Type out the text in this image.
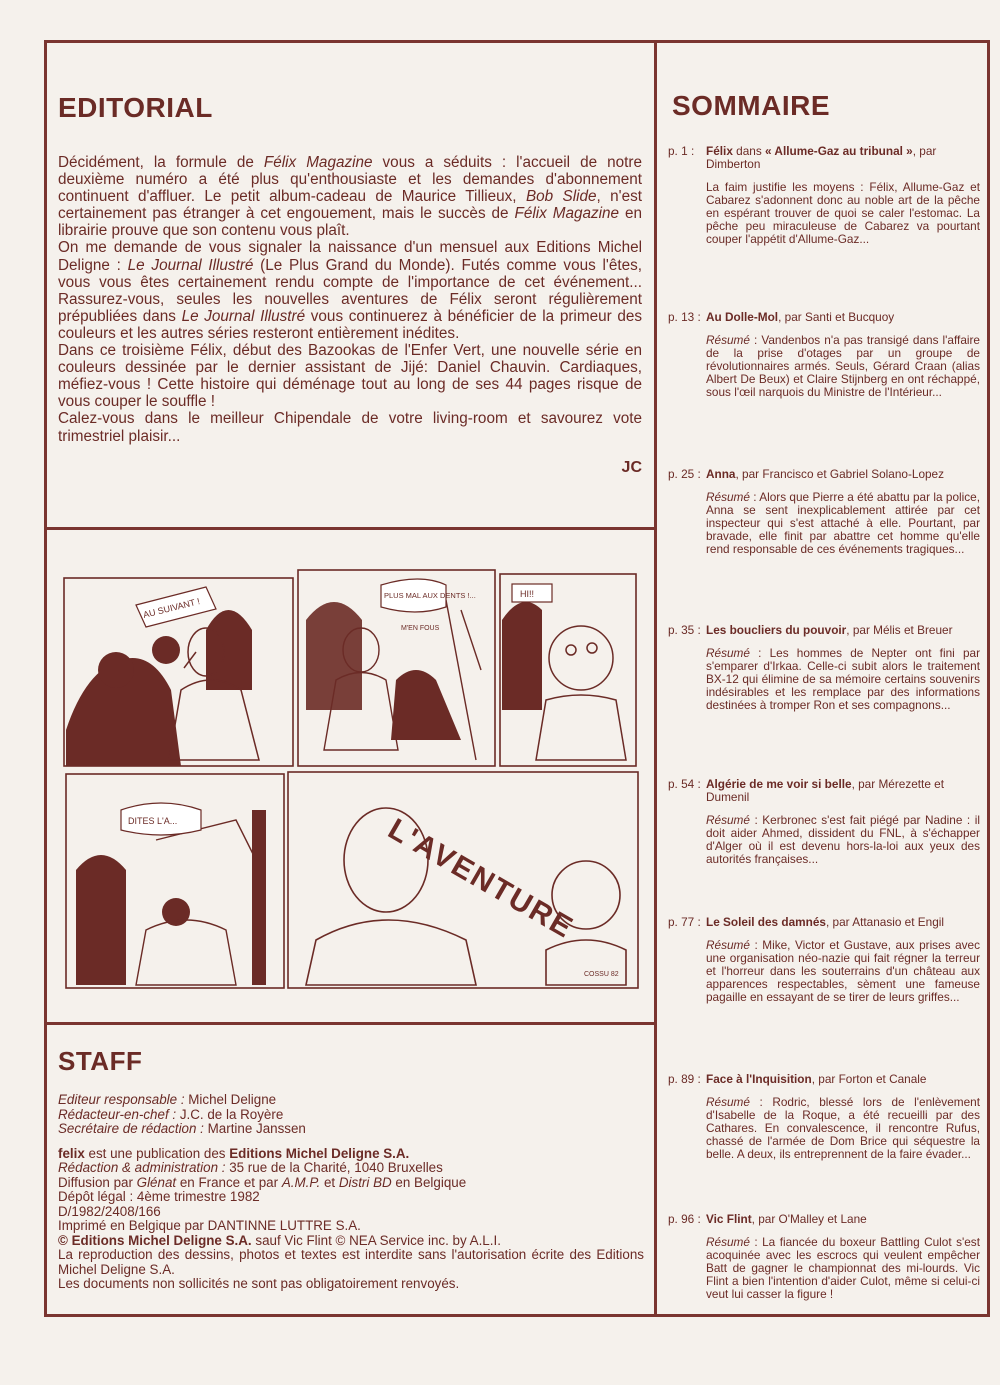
EDITORIAL
Décidément, la formule de Félix Magazine vous a séduits : l'accueil de notre deuxième numéro a été plus qu'enthousiaste et les demandes d'abonnement continuent d'affluer. Le petit album-cadeau de Maurice Tillieux, Bob Slide, n'est certainement pas étranger à cet engouement, mais le succès de Félix Magazine en librairie prouve que son contenu vous plaît.
On me demande de vous signaler la naissance d'un mensuel aux Editions Michel Deligne : Le Journal Illustré (Le Plus Grand du Monde). Futés comme vous l'êtes, vous vous êtes certainement rendu compte de l'importance de cet événement... Rassurez-vous, seules les nouvelles aventures de Félix seront régulièrement prépubliées dans Le Journal Illustré vous continuerez à bénéficier de la primeur des couleurs et les autres séries resteront entièrement inédites.
Dans ce troisième Félix, début des Bazookas de l'Enfer Vert, une nouvelle série en couleurs dessinée par le dernier assistant de Jijé: Daniel Chauvin. Cardiaques, méfiez-vous ! Cette histoire qui déménage tout au long de ses 44 pages risque de vous couper le souffle !
Calez-vous dans le meilleur Chipendale de votre living-room et savourez vote trimestriel plaisir...
JC
AU SUIVANT !
PLUS MAL AUX DENTS !...
M'EN FOUS
HI!!
DITES L'A...	L'AVENTURE
COSSU 82
STAFF
Editeur responsable : Michel Deligne
Rédacteur-en-chef : J.C. de la Royère
Secrétaire de rédaction : Martine Janssen
felix est une publication des Editions Michel Deligne S.A.
Rédaction & administration : 35 rue de la Charité, 1040 Bruxelles
Diffusion par Glénat en France et par A.M.P. et Distri BD en Belgique
Dépôt légal : 4ème trimestre 1982
D/1982/2408/166
Imprimé en Belgique par DANTINNE LUTTRE S.A.
© Editions Michel Deligne S.A. sauf Vic Flint © NEA Service inc. by A.L.I.
La reproduction des dessins, photos et textes est interdite sans l'autorisation écrite des Editions Michel Deligne S.A.
Les documents non sollicités ne sont pas obligatoirement renvoyés.
SOMMAIRE
p. 1 : Félix dans « Allume-Gaz au tribunal », par Dimberton
La faim justifie les moyens : Félix, Allume-Gaz et Cabarez s'adonnent donc au noble art de la pêche en espérant trouver de quoi se caler l'estomac. La pêche peu miraculeuse de Cabarez va pourtant couper l'appétit d'Allume-Gaz...
p. 13 : Au Dolle-Mol, par Santi et Bucquoy
Résumé : Vandenbos n'a pas transigé dans l'affaire de la prise d'otages par un groupe de révolutionnaires armés. Seuls, Gérard Craan (alias Albert De Beux) et Claire Stijnberg en ont réchappé, sous l'œil narquois du Ministre de l'Intérieur...
p. 25 : Anna, par Francisco et Gabriel Solano-Lopez
Résumé : Alors que Pierre a été abattu par la police, Anna se sent inexplicablement attirée par cet inspecteur qui s'est attaché à elle. Pourtant, par bravade, elle finit par abattre cet homme qu'elle rend responsable de ces événements tragiques...
p. 35 : Les boucliers du pouvoir, par Mélis et Breuer
Résumé : Les hommes de Nepter ont fini par s'emparer d'Irkaa. Celle-ci subit alors le traitement BX-12 qui élimine de sa mémoire certains souvenirs indésirables et les remplace par des informations destinées à tromper Ron et ses compagnons...
p. 54 : Algérie de me voir si belle, par Mérezette et Dumenil
Résumé : Kerbronec s'est fait piégé par Nadine : il doit aider Ahmed, dissident du FNL, à s'échapper d'Alger où il est devenu hors-la-loi aux yeux des autorités françaises...
p. 77 : Le Soleil des damnés, par Attanasio et Engil
Résumé : Mike, Victor et Gustave, aux prises avec une organisation néo-nazie qui fait régner la terreur et l'horreur dans les souterrains d'un château aux apparences respectables, sèment une fameuse pagaille en essayant de se tirer de leurs griffes...
p. 89 : Face à l'Inquisition, par Forton et Canale
Résumé : Rodric, blessé lors de l'enlèvement d'Isabelle de la Roque, a été recueilli par des Cathares. En convalescence, il rencontre Rufus, chassé de l'armée de Dom Brice qui séquestre la belle. A deux, ils entreprennent de la faire évader...
p. 96 : Vic Flint, par O'Malley et Lane
Résumé : La fiancée du boxeur Battling Culot s'est acoquinée avec les escrocs qui veulent empêcher Batt de gagner le championnat des mi-lourds. Vic Flint a bien l'intention d'aider Culot, même si celui-ci veut lui casser la figure !
